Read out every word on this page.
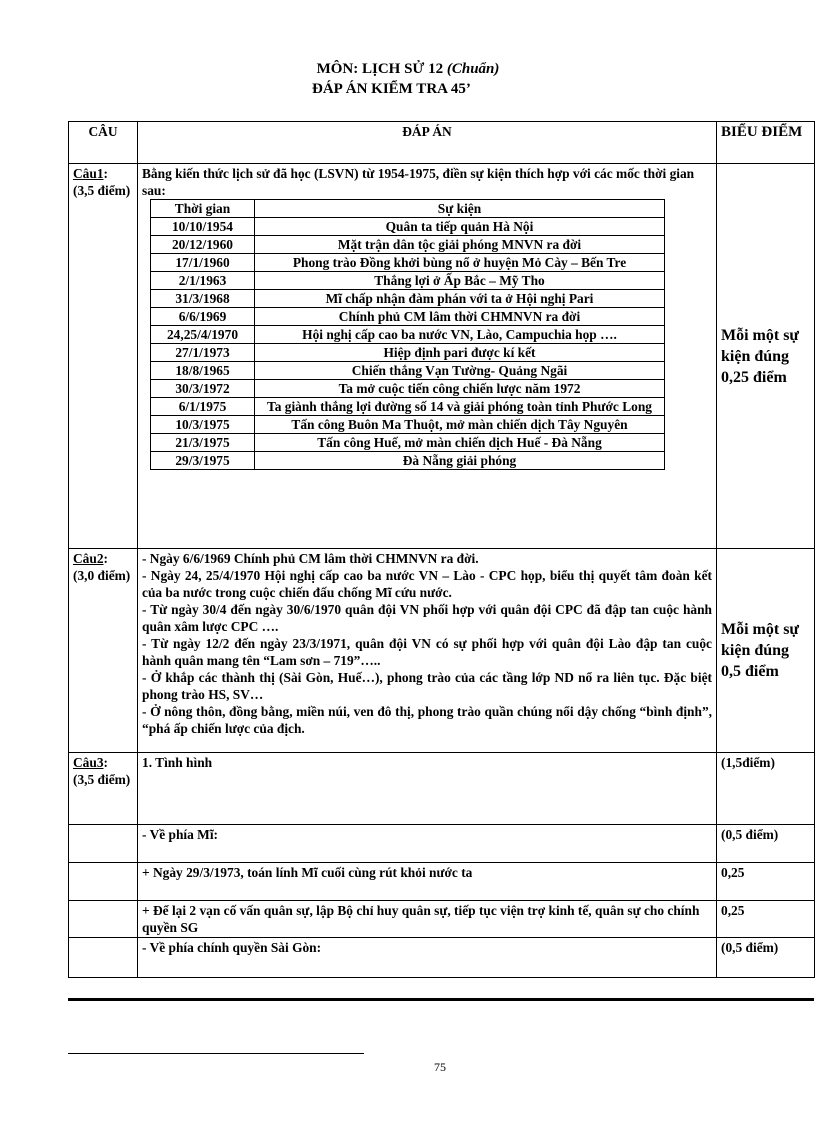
MÔN: LỊCH SỬ 12 (Chuẩn)
ĐÁP ÁN KIỂM TRA 45’
CÂU	ĐÁP ÁN	BIỂU ĐIỂM

Câu1:
(3,5 điểm)

Bằng kiến thức lịch sử đã học (LSVN) từ 1954-1975, điền sự kiện thích hợp với các mốc thời gian sau:
Thời gian	Sự kiện
10/10/1954	Quân ta tiếp quản Hà Nội
20/12/1960	Mặt trận dân tộc giải phóng MNVN ra đời
17/1/1960	Phong trào Đồng khởi bùng nổ ở huyện Mỏ Cày – Bến Tre
2/1/1963	Thắng lợi ở Ấp Bắc – Mỹ Tho
31/3/1968	Mĩ chấp nhận đàm phán với ta ở Hội nghị Pari
6/6/1969	Chính phủ CM lâm thời CHMNVN ra đời
24,25/4/1970	Hội nghị cấp cao ba nước VN, Lào, Campuchia họp ….
27/1/1973	Hiệp định pari được kí kết
18/8/1965	Chiến thắng Vạn Tường- Quảng Ngãi
30/3/1972	Ta mở cuộc tiến công chiến lược năm 1972
6/1/1975	Ta giành thắng lợi đường số 14 và giải phóng toàn tỉnh Phước Long
10/3/1975	Tấn công Buôn Ma Thuột, mở màn chiến dịch Tây Nguyên
21/3/1975	Tấn công Huế, mở màn chiến dịch Huế - Đà Nẵng
29/3/1975	Đà Nẵng giải phóng
	Mỗi một sự kiện đúng 0,25 điểm

Câu2:
(3,0 điểm)

- Ngày 6/6/1969 Chính phủ CM lâm thời CHMNVN ra đời.
- Ngày 24, 25/4/1970 Hội nghị cấp cao ba nước VN – Lào - CPC họp, biểu thị quyết tâm đoàn kết của ba nước trong cuộc chiến đấu chống Mĩ cứu nước.
- Từ ngày 30/4 đến ngày 30/6/1970 quân đội VN phối hợp với quân đội CPC đã đập tan cuộc hành quân xâm lược CPC ….
- Từ ngày 12/2 đến ngày 23/3/1971, quân đội VN có sự phối hợp với quân đội Lào đập tan cuộc hành quân mang tên “Lam sơn – 719”…..
- Ở khắp các thành thị (Sài Gòn, Huế…), phong trào của các tầng lớp ND nổ ra liên tục. Đặc biệt phong trào HS, SV…
- Ở nông thôn, đồng bằng, miền núi, ven đô thị, phong trào quần chúng nổi dậy chống “bình định”, “phá ấp chiến lược của địch.
	Mỗi một sự kiện đúng 0,5 điểm

Câu3:
(3,5 điểm)
	1. Tình hình	(1,5điểm)
	- Về phía Mĩ:	(0,5 điểm)
	+ Ngày 29/3/1973, toán lính Mĩ cuối cùng rút khỏi nước ta	0,25
	+ Để lại 2 vạn cố vấn quân sự, lập Bộ chỉ huy quân sự, tiếp tục viện trợ kinh tế, quân sự cho chính quyền SG	0,25
	- Về phía chính quyền Sài Gòn:	(0,5 điểm)
75
